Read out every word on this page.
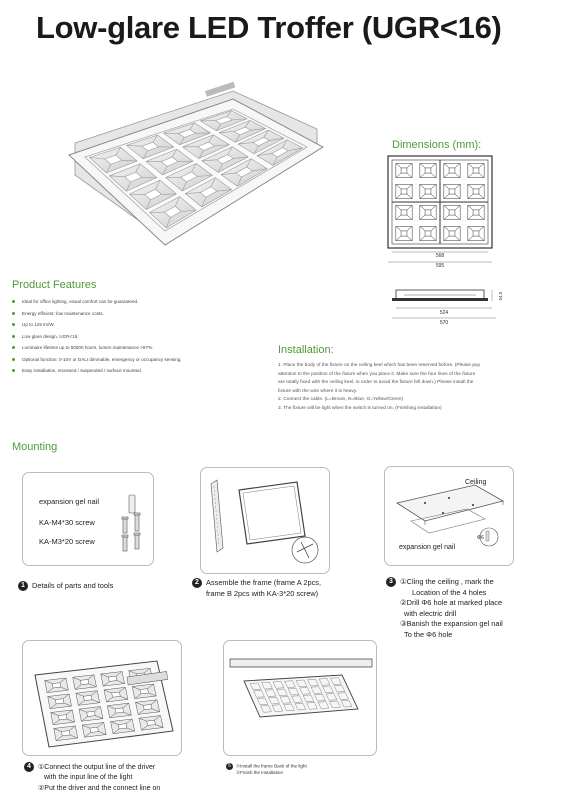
Low-glare LED Troffer (UGR<16)
Dimensions (mm):
568
595
54.5
524
570
Product Features
Ideal for office lighting, visual comfort can be guaranteed.
Energy efficient: low maintenance costs.
Up to 125 lm/W.
Low glare design, UGR<16.
Luminaire lifetime up to 50000 hours, lumen maintenance >97%.
Optional function: 0-10V or DALI dimmable, emergency or occupancy sensing.
Easy installation, recessed / suspended / surface mounted.
Installation:
1. Place the body of the fixture on the ceiling keel which has been reserved before. (Please pay
attention to the position of the fixture when you place it. Make sure the four lines of the fixture
are totally fixed with the ceiling keel, in order to avoid the fixture fell down.) Please install the
fixture with the wire where it is heavy.
2. Connect the cable. (L=Brown, N=Blue, G=Yellow/Green)
3. The fixture will be light when the switch is turned on. (Finishing installation)
Mounting
expansion gel nail
KA-M4*30 screw
KA-M3*20 screw
1 Details of parts and tools	2 Assemble the frame (frame A 2pcs,
frame B 2pcs with KA-3*20 screw)
Ceiling
Φ6
expansion gel nail
3 ①Cling the ceiling , mark the
Location of the 4 holes
②Drill Φ6 hole at marked place
with electric drill
③Banish the expansion gel nail
To the Φ6 hole
4 ①Connect the output line of the driver
with the input line of the light
②Put the driver and the connect line on
5 ①Install the frame Back of the light
②Finish the installation
